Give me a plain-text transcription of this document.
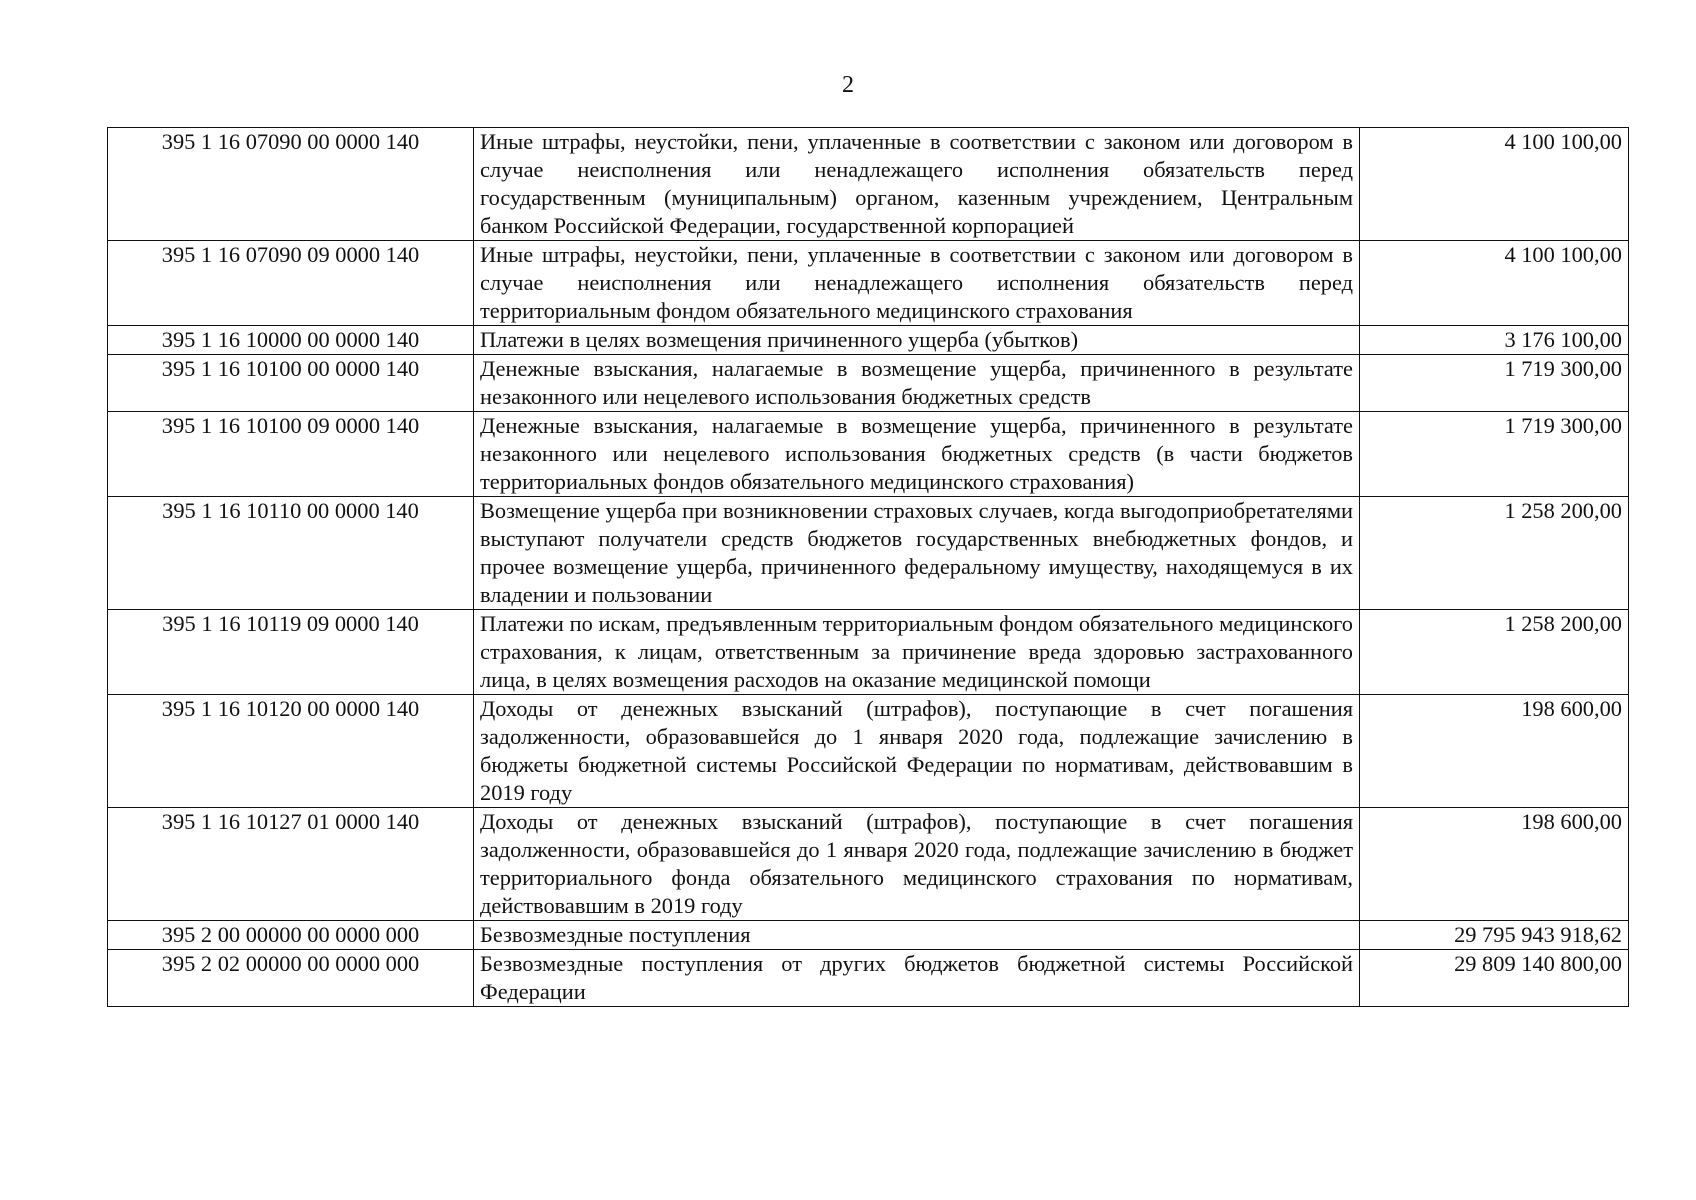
2
395 1 16 07090 00 0000 140	Иные штрафы, неустойки, пени, уплаченные в соответствии с законом или договором в случае неисполнения или ненадлежащего исполнения обязательств перед государственным (муниципальным) органом, казенным учреждением, Центральным банком Российской Федерации, государственной корпорацией	4 100 100,00
395 1 16 07090 09 0000 140	Иные штрафы, неустойки, пени, уплаченные в соответствии с законом или договором в случае неисполнения или ненадлежащего исполнения обязательств перед территориальным фондом обязательного медицинского страхования	4 100 100,00
395 1 16 10000 00 0000 140	Платежи в целях возмещения причиненного ущерба (убытков)	3 176 100,00
395 1 16 10100 00 0000 140	Денежные взыскания, налагаемые в возмещение ущерба, причиненного в результате незаконного или нецелевого использования бюджетных средств	1 719 300,00
395 1 16 10100 09 0000 140	Денежные взыскания, налагаемые в возмещение ущерба, причиненного в результате незаконного или нецелевого использования бюджетных средств (в части бюджетов территориальных фондов обязательного медицинского страхования)	1 719 300,00
395 1 16 10110 00 0000 140	Возмещение ущерба при возникновении страховых случаев, когда выгодоприобретателями выступают получатели средств бюджетов государственных внебюджетных фондов, и прочее возмещение ущерба, причиненного федеральному имуществу, находящемуся в их владении и пользовании	1 258 200,00
395 1 16 10119 09 0000 140	Платежи по искам, предъявленным территориальным фондом обязательного медицинского страхования, к лицам, ответственным за причинение вреда здоровью застрахованного лица, в целях возмещения расходов на оказание медицинской помощи	1 258 200,00
395 1 16 10120 00 0000 140	Доходы от денежных взысканий (штрафов), поступающие в счет погашения задолженности, образовавшейся до 1 января 2020 года, подлежащие зачислению в бюджеты бюджетной системы Российской Федерации по нормативам, действовавшим в 2019 году	198 600,00
395 1 16 10127 01 0000 140	Доходы от денежных взысканий (штрафов), поступающие в счет погашения задолженности, образовавшейся до 1 января 2020 года, подлежащие зачислению в бюджет территориального фонда обязательного медицинского страхования по нормативам, действовавшим в 2019 году	198 600,00
395 2 00 00000 00 0000 000	Безвозмездные поступления	29 795 943 918,62
395 2 02 00000 00 0000 000	Безвозмездные поступления от других бюджетов бюджетной системы Российской Федерации	29 809 140 800,00
